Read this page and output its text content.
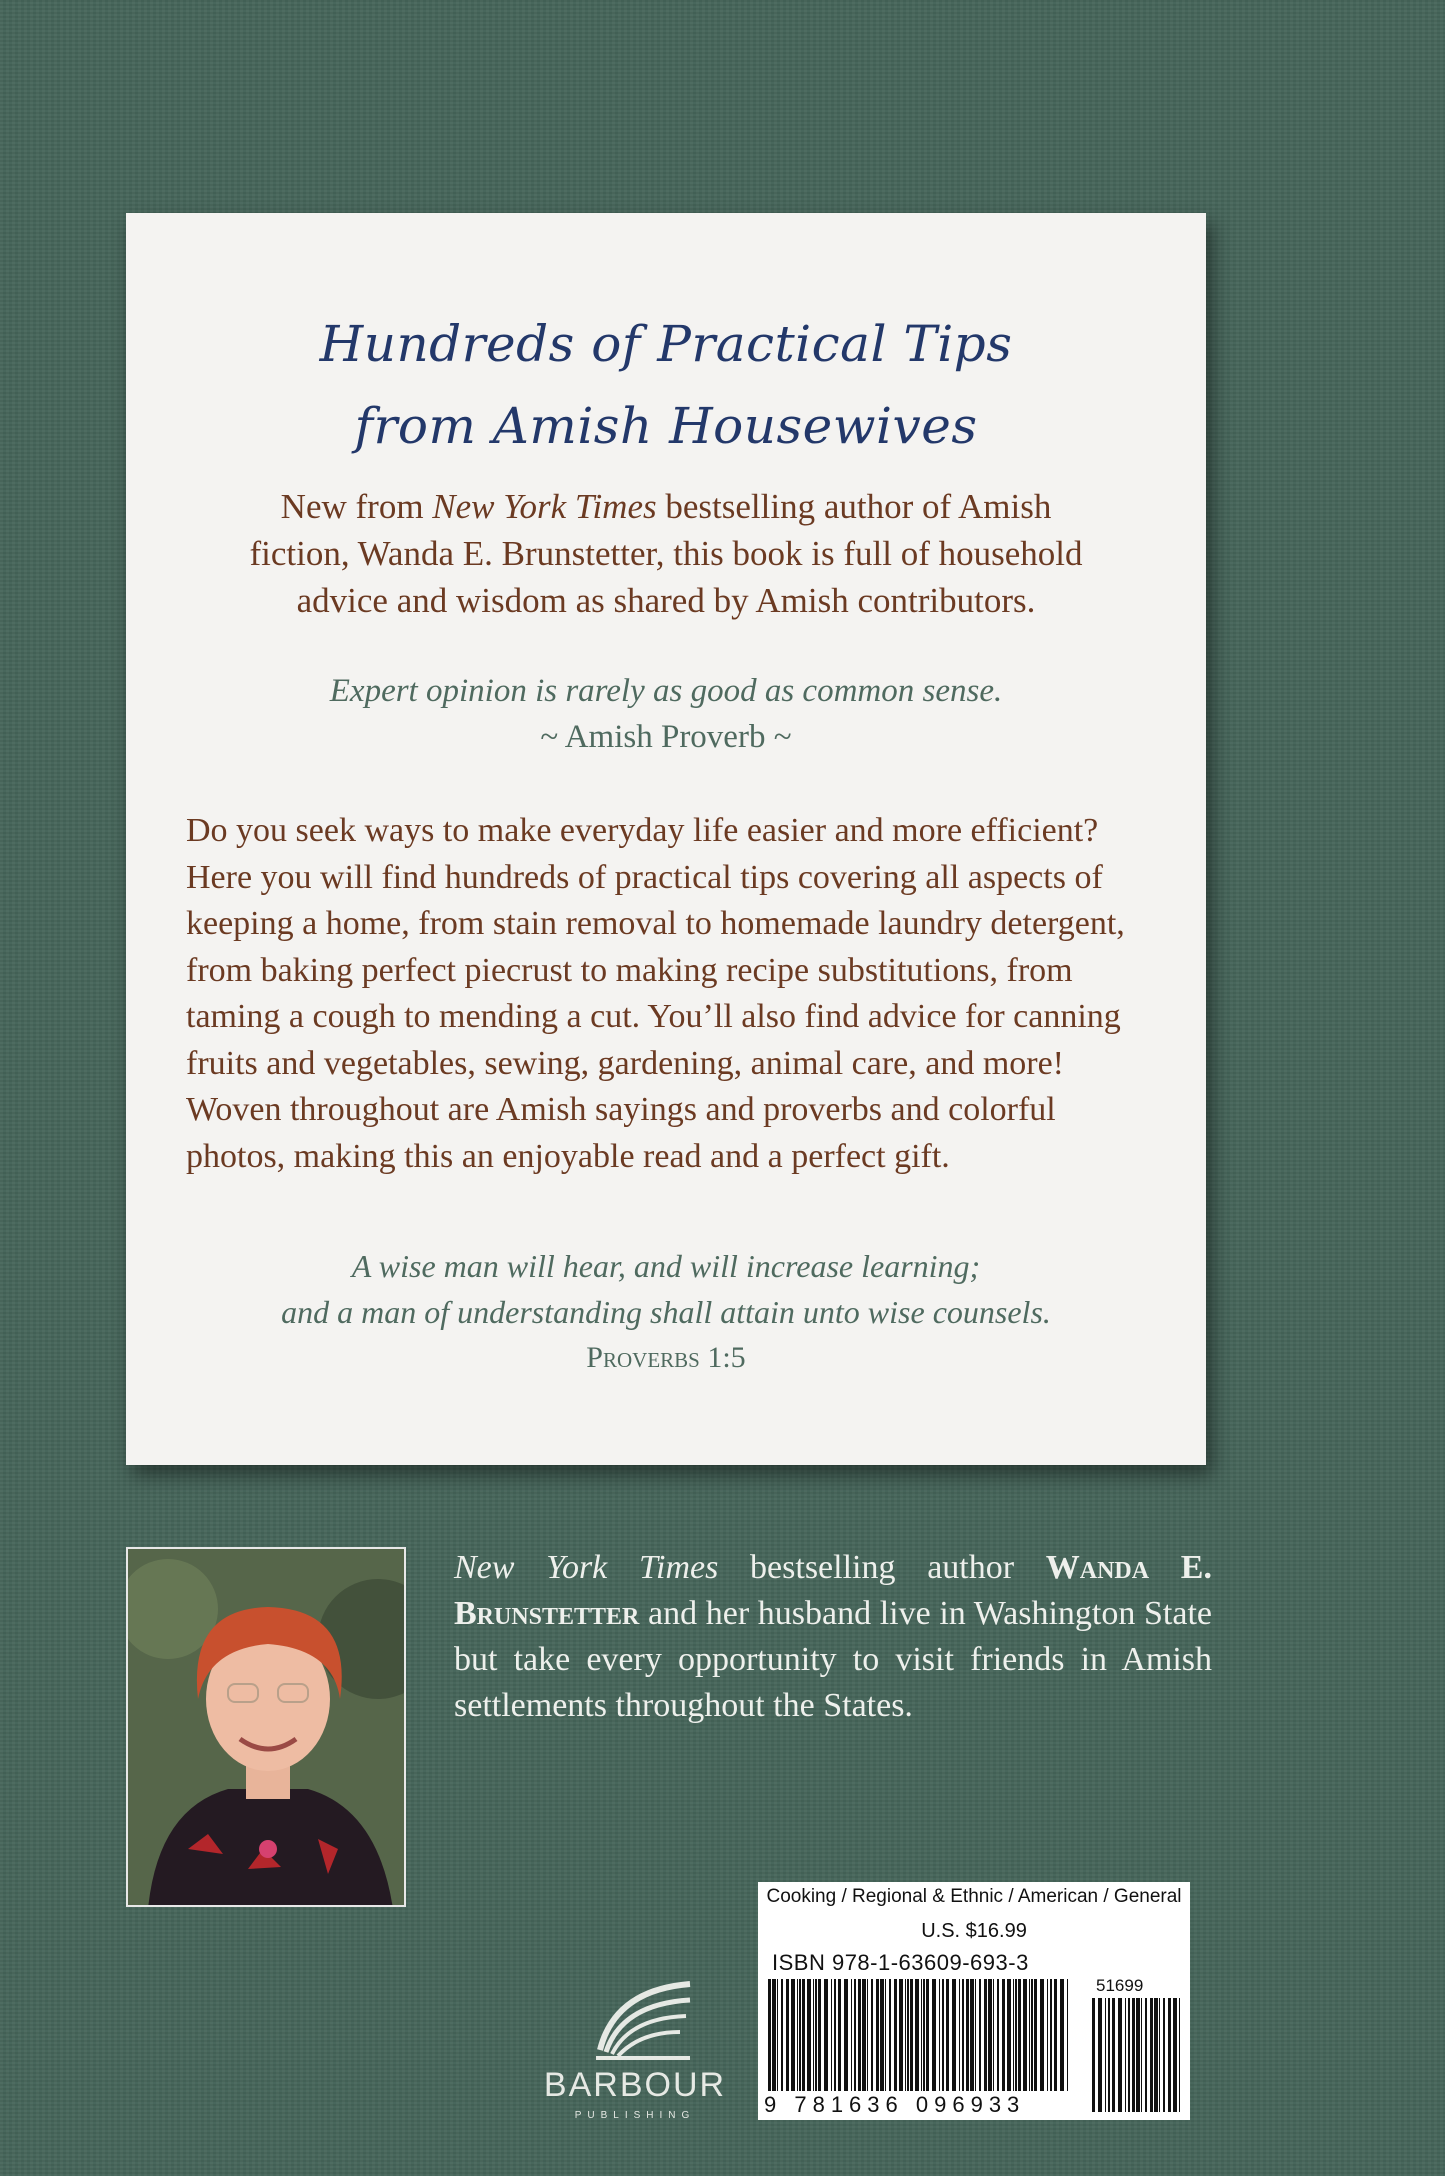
Hundreds of Practical Tips
from Amish Housewives
New from New York Times bestselling author of Amish fiction, Wanda E. Brunstetter, this book is full of household advice and wisdom as shared by Amish contributors.
Expert opinion is rarely as good as common sense.
~ Amish Proverb ~
Do you seek ways to make everyday life easier and more efficient? Here you will find hundreds of practical tips covering all aspects of keeping a home, from stain removal to homemade laundry detergent, from baking perfect piecrust to making recipe substitutions, from taming a cough to mending a cut. You’ll also find advice for canning fruits and vegetables, sewing, gardening, animal care, and more! Woven throughout are Amish sayings and proverbs and colorful photos, making this an enjoyable read and a perfect gift.
A wise man will hear, and will increase learning;
and a man of understanding shall attain unto wise counsels.
Proverbs 1:5
New York Times bestselling author Wanda E. Brunstetter and her husband live in Washington State but take every opportunity to visit friends in Amish settlements throughout the States.
BARBOUR
PUBLISHING
Cooking / Regional & Ethnic / American / General
U.S. $16.99
ISBN 978-1-63609-693-3
9 781636 096933
51699
